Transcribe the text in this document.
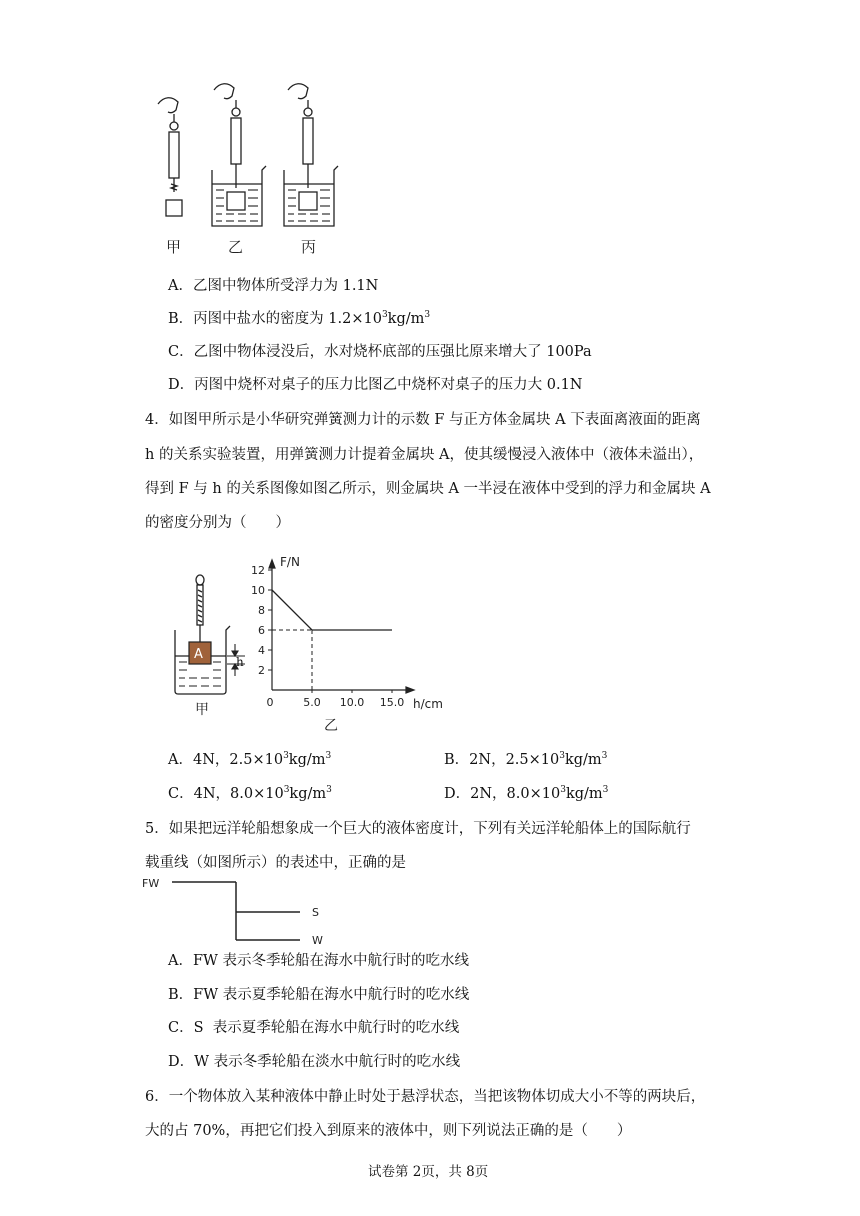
甲	乙	丙
A．乙图中物体所受浮力为 1.1N
B．丙图中盐水的密度为 $1.2\times 10^3kg/m^3$
C．乙图中物体浸没后，水对烧杯底部的压强比原来增大了 100Pa
D．丙图中烧杯对桌子的压力比图乙中烧杯对桌子的压力大 0.1N
4．如图甲所示是小华研究弹簧测力计的示数 F 与正方体金属块 A 下表面离液面的距离
h 的关系实验装置，用弹簧测力计提着金属块 A，使其缓慢浸入液体中（液体未溢出），
得到 F 与 h 的关系图像如图乙所示，则金属块 A 一半浸在液体中受到的浮力和金属块 A
的密度分别为（　　）
A
甲
h
12
10
8
6
4
2
0	5.0 10.0 15.0
F/N
h/cm
乙
A．4N，$2.5\times 10^3kg/m^3$	B．2N，$2.5\times 10^3kg/m^3$
C．4N，$8.0\times 10^3kg/m^3$	D．2N，$8.0\times 10^3kg/m^3$
5．如果把远洋轮船想象成一个巨大的液体密度计，下列有关远洋轮船体上的国际航行
载重线（如图所示）的表述中，正确的是
FW
S
W
A．FW 表示冬季轮船在海水中航行时的吃水线
B．FW 表示夏季轮船在海水中航行时的吃水线
C．S  表示夏季轮船在海水中航行时的吃水线
D．W 表示冬季轮船在淡水中航行时的吃水线
6．一个物体放入某种液体中静止时处于悬浮状态，当把该物体切成大小不等的两块后，
大的占 70%，再把它们投入到原来的液体中，则下列说法正确的是（　　）
试卷第 2页，共 8页
